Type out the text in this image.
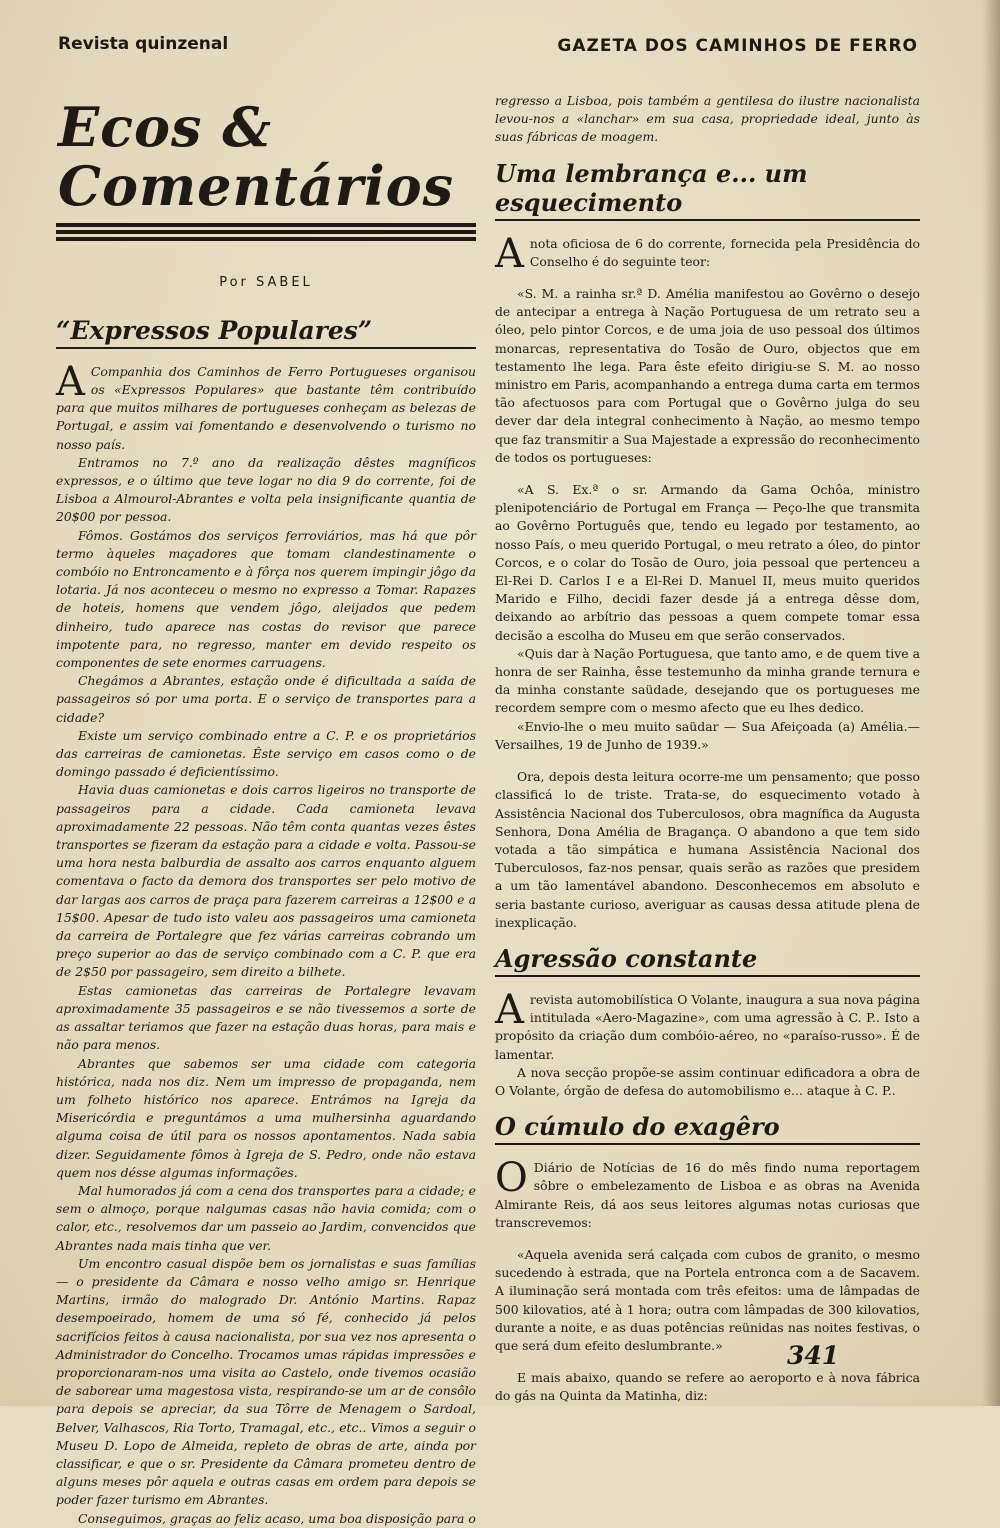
Revista quinzenal	GAZETA DOS CAMINHOS DE FERRO
Ecos & Comentários
Por SABEL
“Expressos Populares”

A Companhia dos Caminhos de Ferro Portugueses organisou os «Expressos Populares» que bastante têm contribuído para que muitos milhares de portugueses conheçam as belezas de Portugal, e assim vai fomentando e desenvolvendo o turismo no nosso país.

Entramos no 7.º ano da realização dêstes magníficos expressos, e o último que teve logar no dia 9 do corrente, foi de Lisboa a Almourol-Abrantes e volta pela insignificante quantia de 20$00 por pessoa.

Fômos. Gostámos dos serviços ferroviários, mas há que pôr termo àqueles maçadores que tomam clandestinamente o combóio no Entroncamento e à fôrça nos querem impingir jôgo da lotaria. Já nos aconteceu o mesmo no expresso a Tomar. Rapazes de hoteis, homens que vendem jôgo, aleijados que pedem dinheiro, tudo aparece nas costas do revisor que parece impotente para, no regresso, manter em devido respeito os componentes de sete enormes carruagens.

Chegámos a Abrantes, estação onde é dificultada a saída de passageiros só por uma porta. E o serviço de transportes para a cidade?

Existe um serviço combinado entre a C. P. e os proprietários das carreiras de camionetas. Êste serviço em casos como o de domingo passado é deficientíssimo.

Havia duas camionetas e dois carros ligeiros no transporte de passageiros para a cidade. Cada camioneta levava aproximadamente 22 pessoas. Não têm conta quantas vezes êstes transportes se fizeram da estação para a cidade e volta. Passou-se uma hora nesta balburdia de assalto aos carros enquanto alguem comentava o facto da demora dos transportes ser pelo motivo de dar largas aos carros de praça para fazerem carreiras a 12$00 e a 15$00. Apesar de tudo isto valeu aos passageiros uma camioneta da carreira de Portalegre que fez várias carreiras cobrando um preço superior ao das de serviço combinado com a C. P. que era de 2$50 por passageiro, sem direito a bilhete.

Estas camionetas das carreiras de Portalegre levavam aproximadamente 35 passageiros e se não tivessemos a sorte de as assaltar teriamos que fazer na estação duas horas, para mais e não para menos.

Abrantes que sabemos ser uma cidade com categoria histórica, nada nos diz. Nem um impresso de propaganda, nem um folheto histórico nos aparece. Entrámos na Igreja da Misericórdia e preguntámos a uma mulhersinha aguardando alguma coisa de útil para os nossos apontamentos. Nada sabia dizer. Seguidamente fômos à Igreja de S. Pedro, onde não estava quem nos désse algumas informações.

Mal humorados já com a cena dos transportes para a cidade; e sem o almoço, porque nalgumas casas não havia comida; com o calor, etc., resolvemos dar um passeio ao Jardim, convencidos que Abrantes nada mais tinha que ver.

Um encontro casual dispõe bem os jornalistas e suas famílias — o presidente da Câmara e nosso velho amigo sr. Henrique Martins, irmão do malogrado Dr. António Martins. Rapaz desempoeirado, homem de uma só fé, conhecido já pelos sacrifícios feitos à causa nacionalista, por sua vez nos apresenta o Administrador do Concelho. Trocamos umas rápidas impressões e proporcionaram-nos uma visita ao Castelo, onde tivemos ocasião de saborear uma magestosa vista, respirando-se um ar de consôlo para depois se apreciar, da sua Tôrre de Menagem o Sardoal, Belver, Valhascos, Ria Torto, Tramagal, etc., etc.. Vimos a seguir o Museu D. Lopo de Almeida, repleto de obras de arte, ainda por classificar, e que o sr. Presidente da Câmara prometeu dentro de alguns meses pôr aquela e outras casas em ordem para depois se poder fazer turismo em Abrantes.

Conseguimos, graças ao feliz acaso, uma boa disposição para o

regresso a Lisboa, pois também a gentilesa do ilustre nacionalista levou-nos a «lanchar» em sua casa, propriedade ideal, junto às suas fábricas de moagem.

Uma lembrança e... um esquecimento

Anota oficiosa de 6 do corrente, fornecida pela Presidência do Conselho é do seguinte teor:

«S. M. a rainha sr.ª D. Amélia manifestou ao Govêrno o desejo de antecipar a entrega à Nação Portuguesa de um retrato seu a óleo, pelo pintor Corcos, e de uma joia de uso pessoal dos últimos monarcas, representativa do Tosão de Ouro, objectos que em testamento lhe lega. Para êste efeito dirigiu-se S. M. ao nosso ministro em Paris, acompanhando a entrega duma carta em termos tão afectuosos para com Portugal que o Govêrno julga do seu dever dar dela integral conhecimento à Nação, ao mesmo tempo que faz transmitir a Sua Majestade a expressão do reconhecimento de todos os portugueses:

«A S. Ex.ª o sr. Armando da Gama Ochôa, ministro plenipotenciário de Portugal em França — Peço-lhe que transmita ao Govêrno Português que, tendo eu legado por testamento, ao nosso País, o meu querido Portugal, o meu retrato a óleo, do pintor Corcos, e o colar do Tosão de Ouro, joia pessoal que pertenceu a El-Rei D. Carlos I e a El-Rei D. Manuel II, meus muito queridos Marido e Filho, decidi fazer desde já a entrega dêsse dom, deixando ao arbítrio das pessoas a quem compete tomar essa decisão a escolha do Museu em que serão conservados.

«Quis dar à Nação Portuguesa, que tanto amo, e de quem tive a honra de ser Rainha, êsse testemunho da minha grande ternura e da minha constante saüdade, desejando que os portugueses me recordem sempre com o mesmo afecto que eu lhes dedico.

«Envio-lhe o meu muito saüdar — Sua Afeiçoada (a) Amélia.— Versailhes, 19 de Junho de 1939.»

Ora, depois desta leitura ocorre-me um pensamento; que posso classificá lo de triste. Trata-se, do esquecimento votado à Assistência Nacional dos Tuberculosos, obra magnífica da Augusta Senhora, Dona Amélia de Bragança. O abandono a que tem sido votada a tão simpática e humana Assistência Nacional dos Tuberculosos, faz-nos pensar, quais serão as razões que presidem a um tão lamentável abandono. Desconhecemos em absoluto e seria bastante curioso, averiguar as causas dessa atitude plena de inexplicação.

Agressão constante

Arevista automobilística O Volante, inaugura a sua nova página intitulada «Aero-Magazine», com uma agressão à C. P.. Isto a propósito da criação dum combóio-aéreo, no «paraíso-russo». É de lamentar.

A nova secção propõe-se assim continuar edificadora a obra de O Volante, órgão de defesa do automobilismo e... ataque à C. P..

O cúmulo do exagêro

O Diário de Notícias de 16 do mês findo numa reportagem sôbre o embelezamento de Lisboa e as obras na Avenida Almirante Reis, dá aos seus leitores algumas notas curiosas que transcrevemos:

«Aquela avenida será calçada com cubos de granito, o mesmo sucedendo à estrada, que na Portela entronca com a de Sacavem. A iluminação será montada com três efeitos: uma de lâmpadas de 500 kilovatios, até à 1 hora; outra com lâmpadas de 300 kilovatios, durante a noite, e as duas potências reünidas nas noites festivas, o que será dum efeito deslumbrante.»

E mais abaixo, quando se refere ao aeroporto e à nova fábrica do gás na Quinta da Matinha, diz:

341
